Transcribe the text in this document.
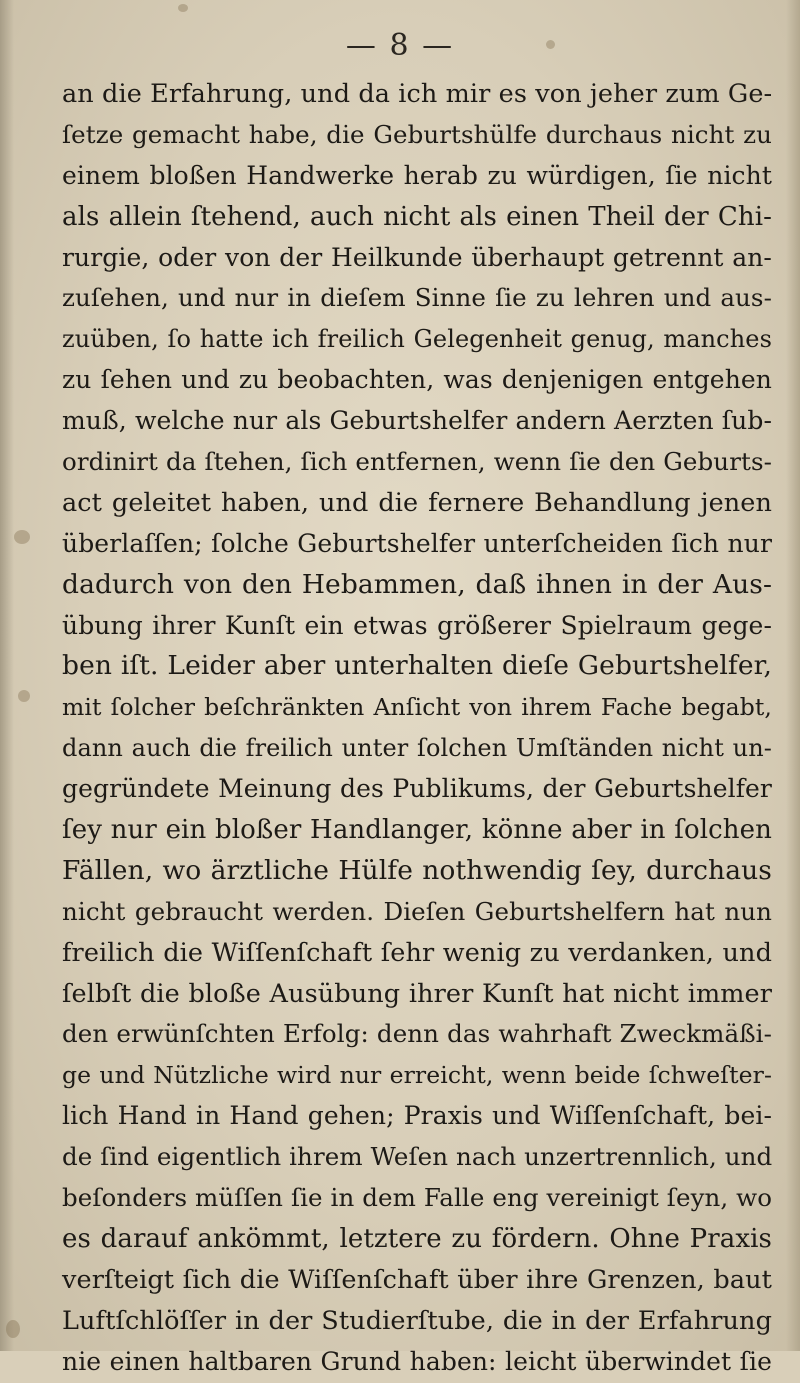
— 8 —
an die Erfahrung, und da ich mir es von jeher zum Ge-
ſetze gemacht habe, die Geburtshülfe durchaus nicht zu
einem bloßen Handwerke herab zu würdigen, ſie nicht
als allein ſtehend, auch nicht als einen Theil der Chi-
rurgie, oder von der Heilkunde überhaupt getrennt an-
zuſehen, und nur in dieſem Sinne ſie zu lehren und aus-
zuüben, ſo hatte ich freilich Gelegenheit genug, manches
zu ſehen und zu beobachten, was denjenigen entgehen
muß, welche nur als Geburtshelfer andern Aerzten ſub-
ordinirt da ſtehen, ſich entfernen, wenn ſie den Geburts-
act geleitet haben, und die fernere Behandlung jenen
überlaſſen; ſolche Geburtshelfer unterſcheiden ſich nur
dadurch von den Hebammen, daß ihnen in der Aus-
übung ihrer Kunſt ein etwas größerer Spielraum gege-
ben iſt. Leider aber unterhalten dieſe Geburtshelfer,
mit ſolcher beſchränkten Anſicht von ihrem Fache begabt,
dann auch die freilich unter ſolchen Umſtänden nicht un-
gegründete Meinung des Publikums, der Geburtshelfer
ſey nur ein bloßer Handlanger, könne aber in ſolchen
Fällen, wo ärztliche Hülfe nothwendig ſey, durchaus
nicht gebraucht werden. Dieſen Geburtshelfern hat nun
freilich die Wiſſenſchaft ſehr wenig zu verdanken, und
ſelbſt die bloße Ausübung ihrer Kunſt hat nicht immer
den erwünſchten Erfolg: denn das wahrhaft Zweckmäßi-
ge und Nützliche wird nur erreicht, wenn beide ſchweſter-
lich Hand in Hand gehen; Praxis und Wiſſenſchaft, bei-
de ſind eigentlich ihrem Weſen nach unzertrennlich, und
beſonders müſſen ſie in dem Falle eng vereinigt ſeyn, wo
es darauf ankömmt, letztere zu fördern. Ohne Praxis
verſteigt ſich die Wiſſenſchaft über ihre Grenzen, baut
Luftſchlöſſer in der Studierſtube, die in der Erfahrung
nie einen haltbaren Grund haben: leicht überwindet ſie
